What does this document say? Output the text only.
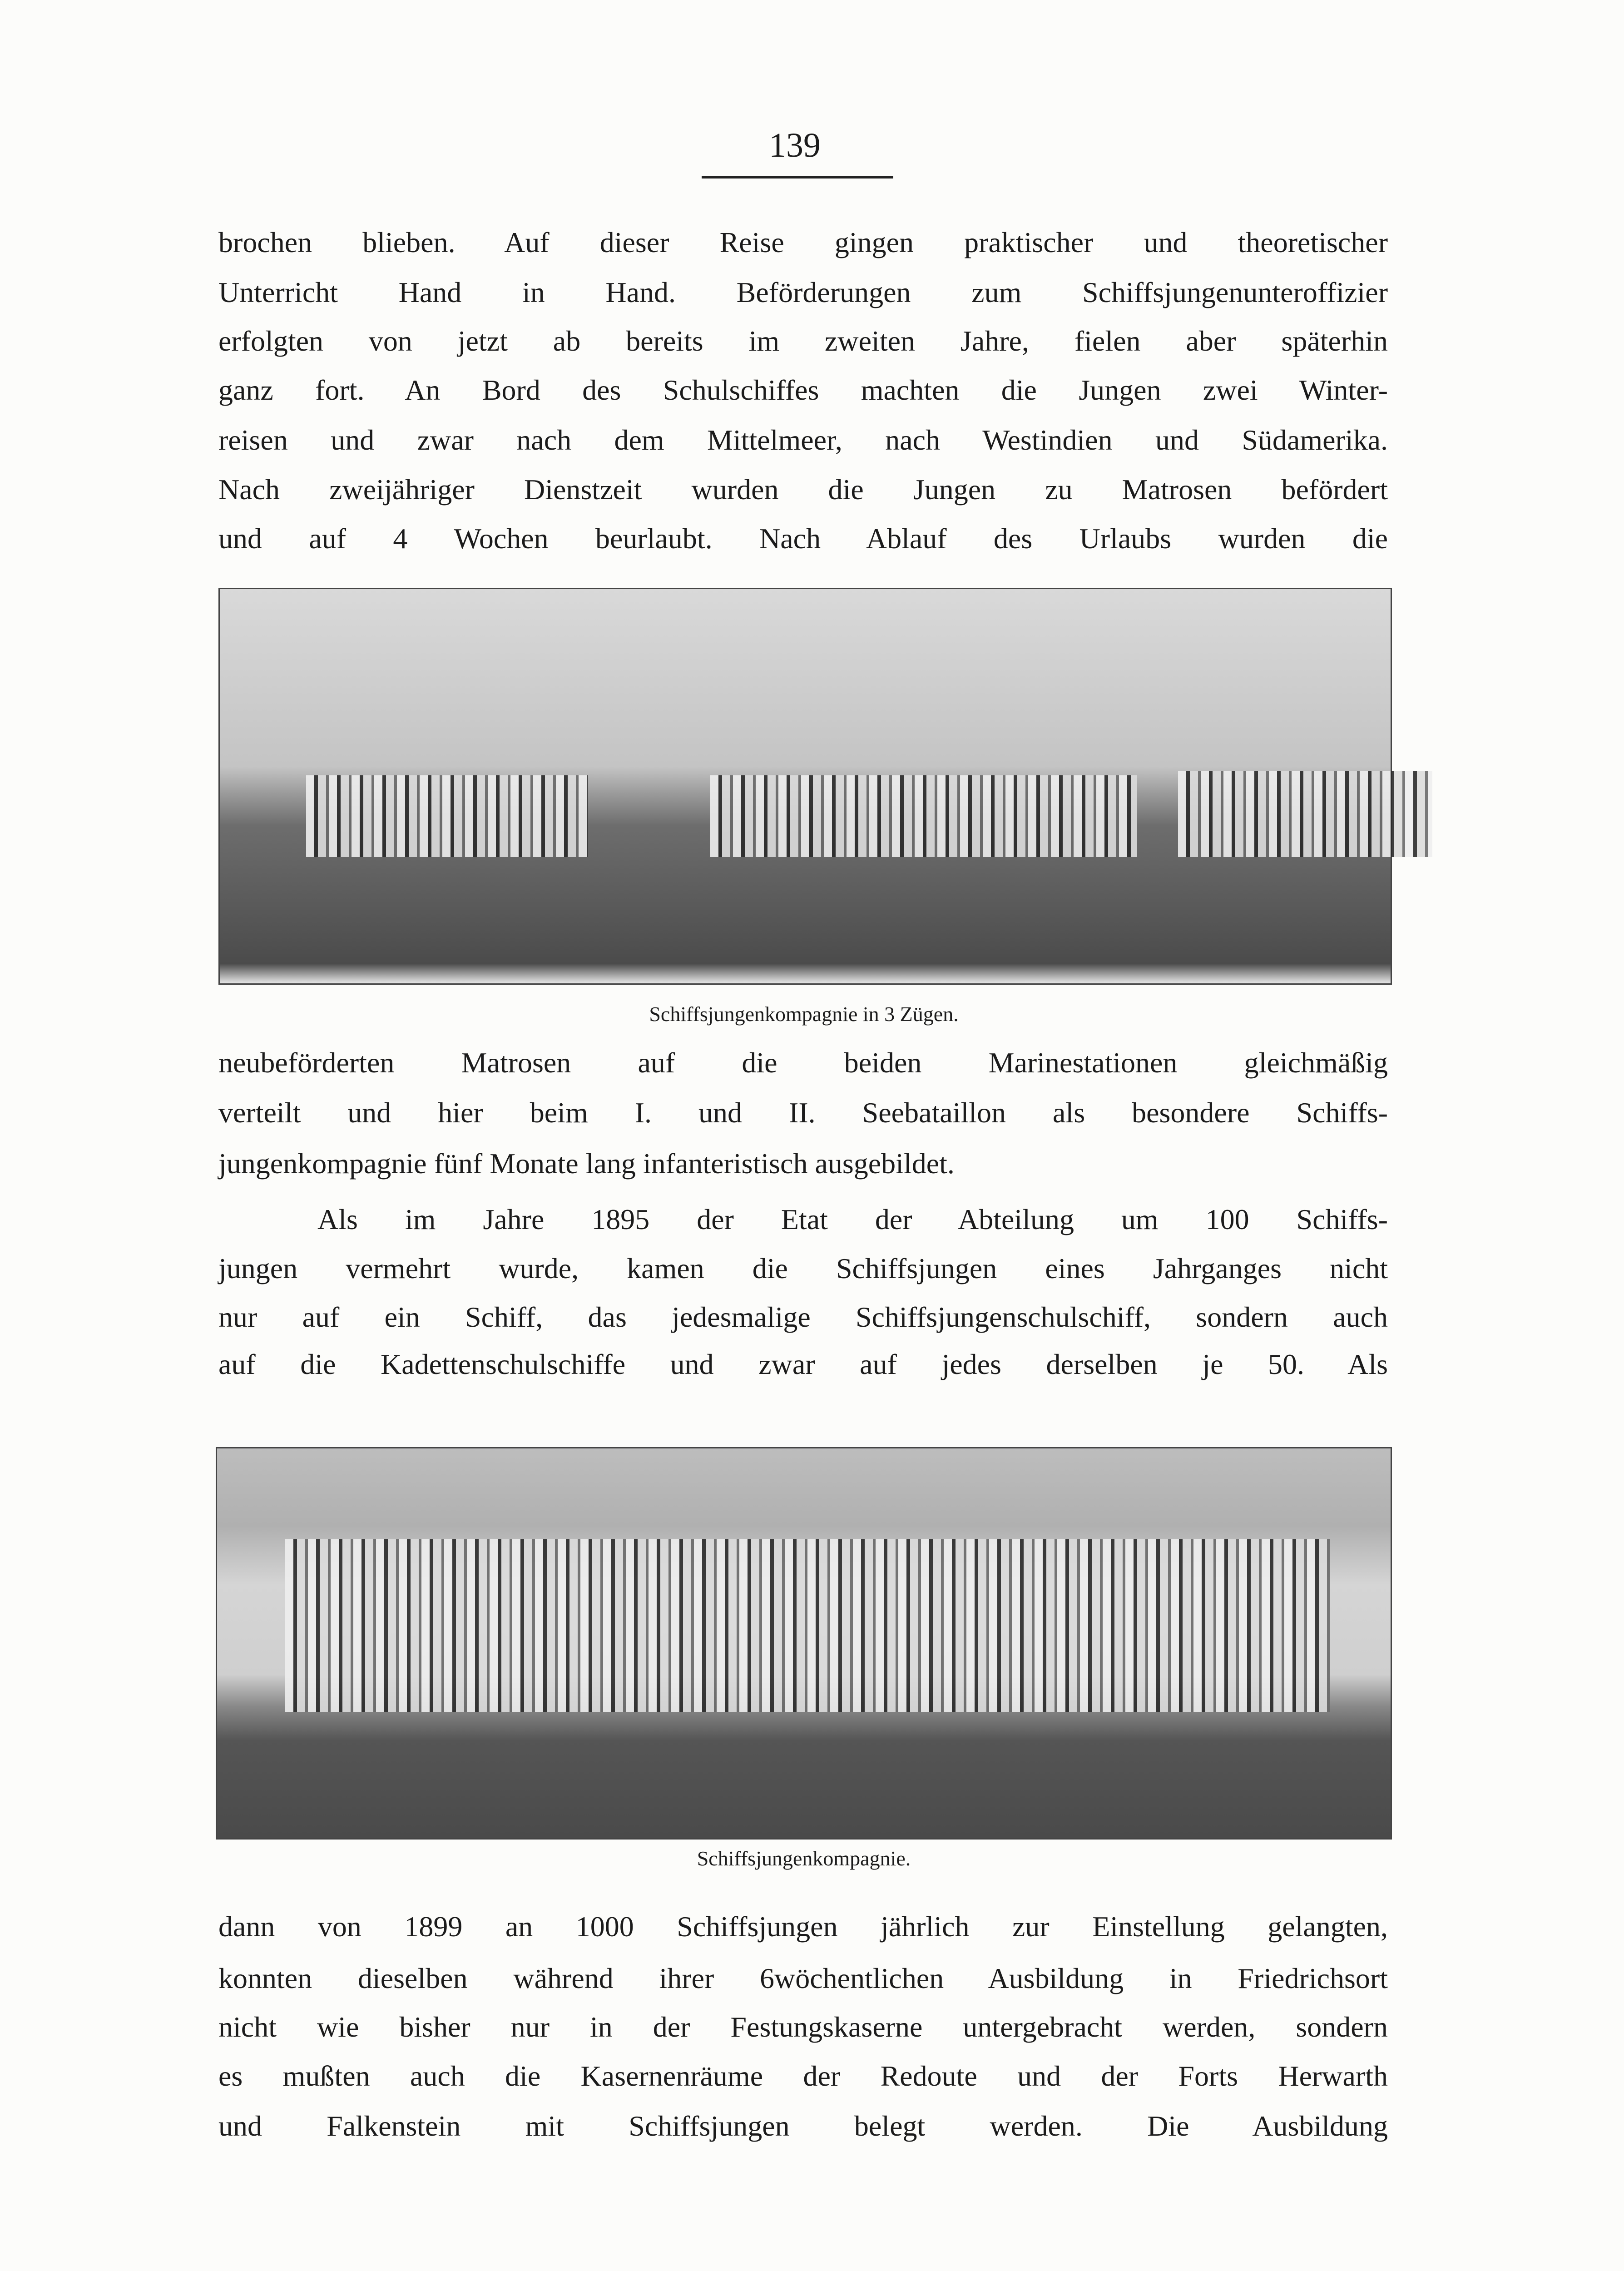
139
brochen blieben. Auf dieser Reise gingen praktischer und theoretischer
Unterricht Hand in Hand. Beförderungen zum Schiffsjungenunteroffizier
erfolgten von jetzt ab bereits im zweiten Jahre, fielen aber späterhin
ganz fort. An Bord des Schulschiffes machten die Jungen zwei Winter-
reisen und zwar nach dem Mittelmeer, nach Westindien und Südamerika.
Nach zweijähriger Dienstzeit wurden die Jungen zu Matrosen befördert
und auf 4 Wochen beurlaubt. Nach Ablauf des Urlaubs wurden die
Schiffsjungenkompagnie in 3 Zügen.
neubeförderten Matrosen auf die beiden Marinestationen gleichmäßig
verteilt und hier beim I. und II. Seebataillon als besondere Schiffs-
jungenkompagnie fünf Monate lang infanteristisch ausgebildet.
Als im Jahre 1895 der Etat der Abteilung um 100 Schiffs-
jungen vermehrt wurde, kamen die Schiffsjungen eines Jahrganges nicht
nur auf ein Schiff, das jedesmalige Schiffsjungenschulschiff, sondern auch
auf die Kadettenschulschiffe und zwar auf jedes derselben je 50. Als
Schiffsjungenkompagnie.
dann von 1899 an 1000 Schiffsjungen jährlich zur Einstellung gelangten,
konnten dieselben während ihrer 6wöchentlichen Ausbildung in Friedrichsort
nicht wie bisher nur in der Festungskaserne untergebracht werden, sondern
es mußten auch die Kasernenräume der Redoute und der Forts Herwarth
und Falkenstein mit Schiffsjungen belegt werden. Die Ausbildung
